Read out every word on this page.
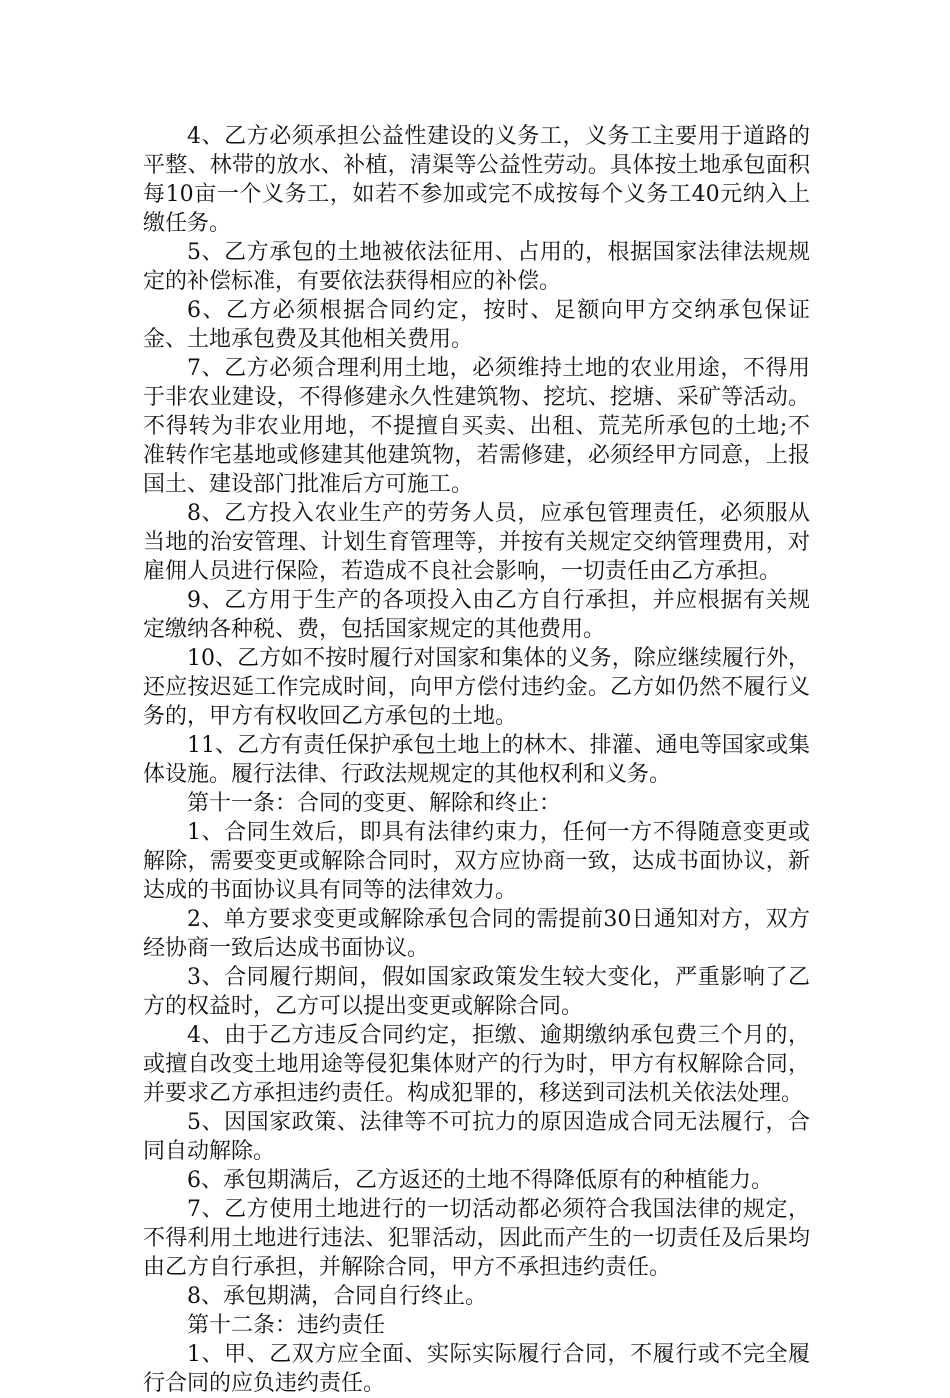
4、乙方必须承担公益性建设的义务工，义务工主要用于道路的平整、林带的放水、补植，清渠等公益性劳动。具体按土地承包面积每10亩一个义务工，如若不参加或完不成按每个义务工40元纳入上缴任务。

5、乙方承包的土地被依法征用、占用的，根据国家法律法规规定的补偿标准，有要依法获得相应的补偿。

6、乙方必须根据合同约定，按时、足额向甲方交纳承包保证金、土地承包费及其他相关费用。

7、乙方必须合理利用土地，必须维持土地的农业用途，不得用于非农业建设，不得修建永久性建筑物、挖坑、挖塘、采矿等活动。不得转为非农业用地，不提擅自买卖、出租、荒芜所承包的土地;不准转作宅基地或修建其他建筑物，若需修建，必须经甲方同意，上报国土、建设部门批准后方可施工。

8、乙方投入农业生产的劳务人员，应承包管理责任，必须服从当地的治安管理、计划生育管理等，并按有关规定交纳管理费用，对雇佣人员进行保险，若造成不良社会影响，一切责任由乙方承担。

9、乙方用于生产的各项投入由乙方自行承担，并应根据有关规定缴纳各种税、费，包括国家规定的其他费用。

10、乙方如不按时履行对国家和集体的义务，除应继续履行外，还应按迟延工作完成时间，向甲方偿付违约金。乙方如仍然不履行义务的，甲方有权收回乙方承包的土地。

11、乙方有责任保护承包土地上的林木、排灌、通电等国家或集体设施。履行法律、行政法规规定的其他权利和义务。

第十一条：合同的变更、解除和终止：

1、合同生效后，即具有法律约束力，任何一方不得随意变更或解除，需要变更或解除合同时，双方应协商一致，达成书面协议，新达成的书面协议具有同等的法律效力。

2、单方要求变更或解除承包合同的需提前30日通知对方，双方经协商一致后达成书面协议。

3、合同履行期间，假如国家政策发生较大变化，严重影响了乙方的权益时，乙方可以提出变更或解除合同。

4、由于乙方违反合同约定，拒缴、逾期缴纳承包费三个月的，或擅自改变土地用途等侵犯集体财产的行为时，甲方有权解除合同，并要求乙方承担违约责任。构成犯罪的，移送到司法机关依法处理。

5、因国家政策、法律等不可抗力的原因造成合同无法履行，合同自动解除。

6、承包期满后，乙方返还的土地不得降低原有的种植能力。

7、乙方使用土地进行的一切活动都必须符合我国法律的规定，不得利用土地进行违法、犯罪活动，因此而产生的一切责任及后果均由乙方自行承担，并解除合同，甲方不承担违约责任。

8、承包期满，合同自行终止。

第十二条：违约责任

1、甲、乙双方应全面、实际实际履行合同，不履行或不完全履行合同的应负违约责任。
